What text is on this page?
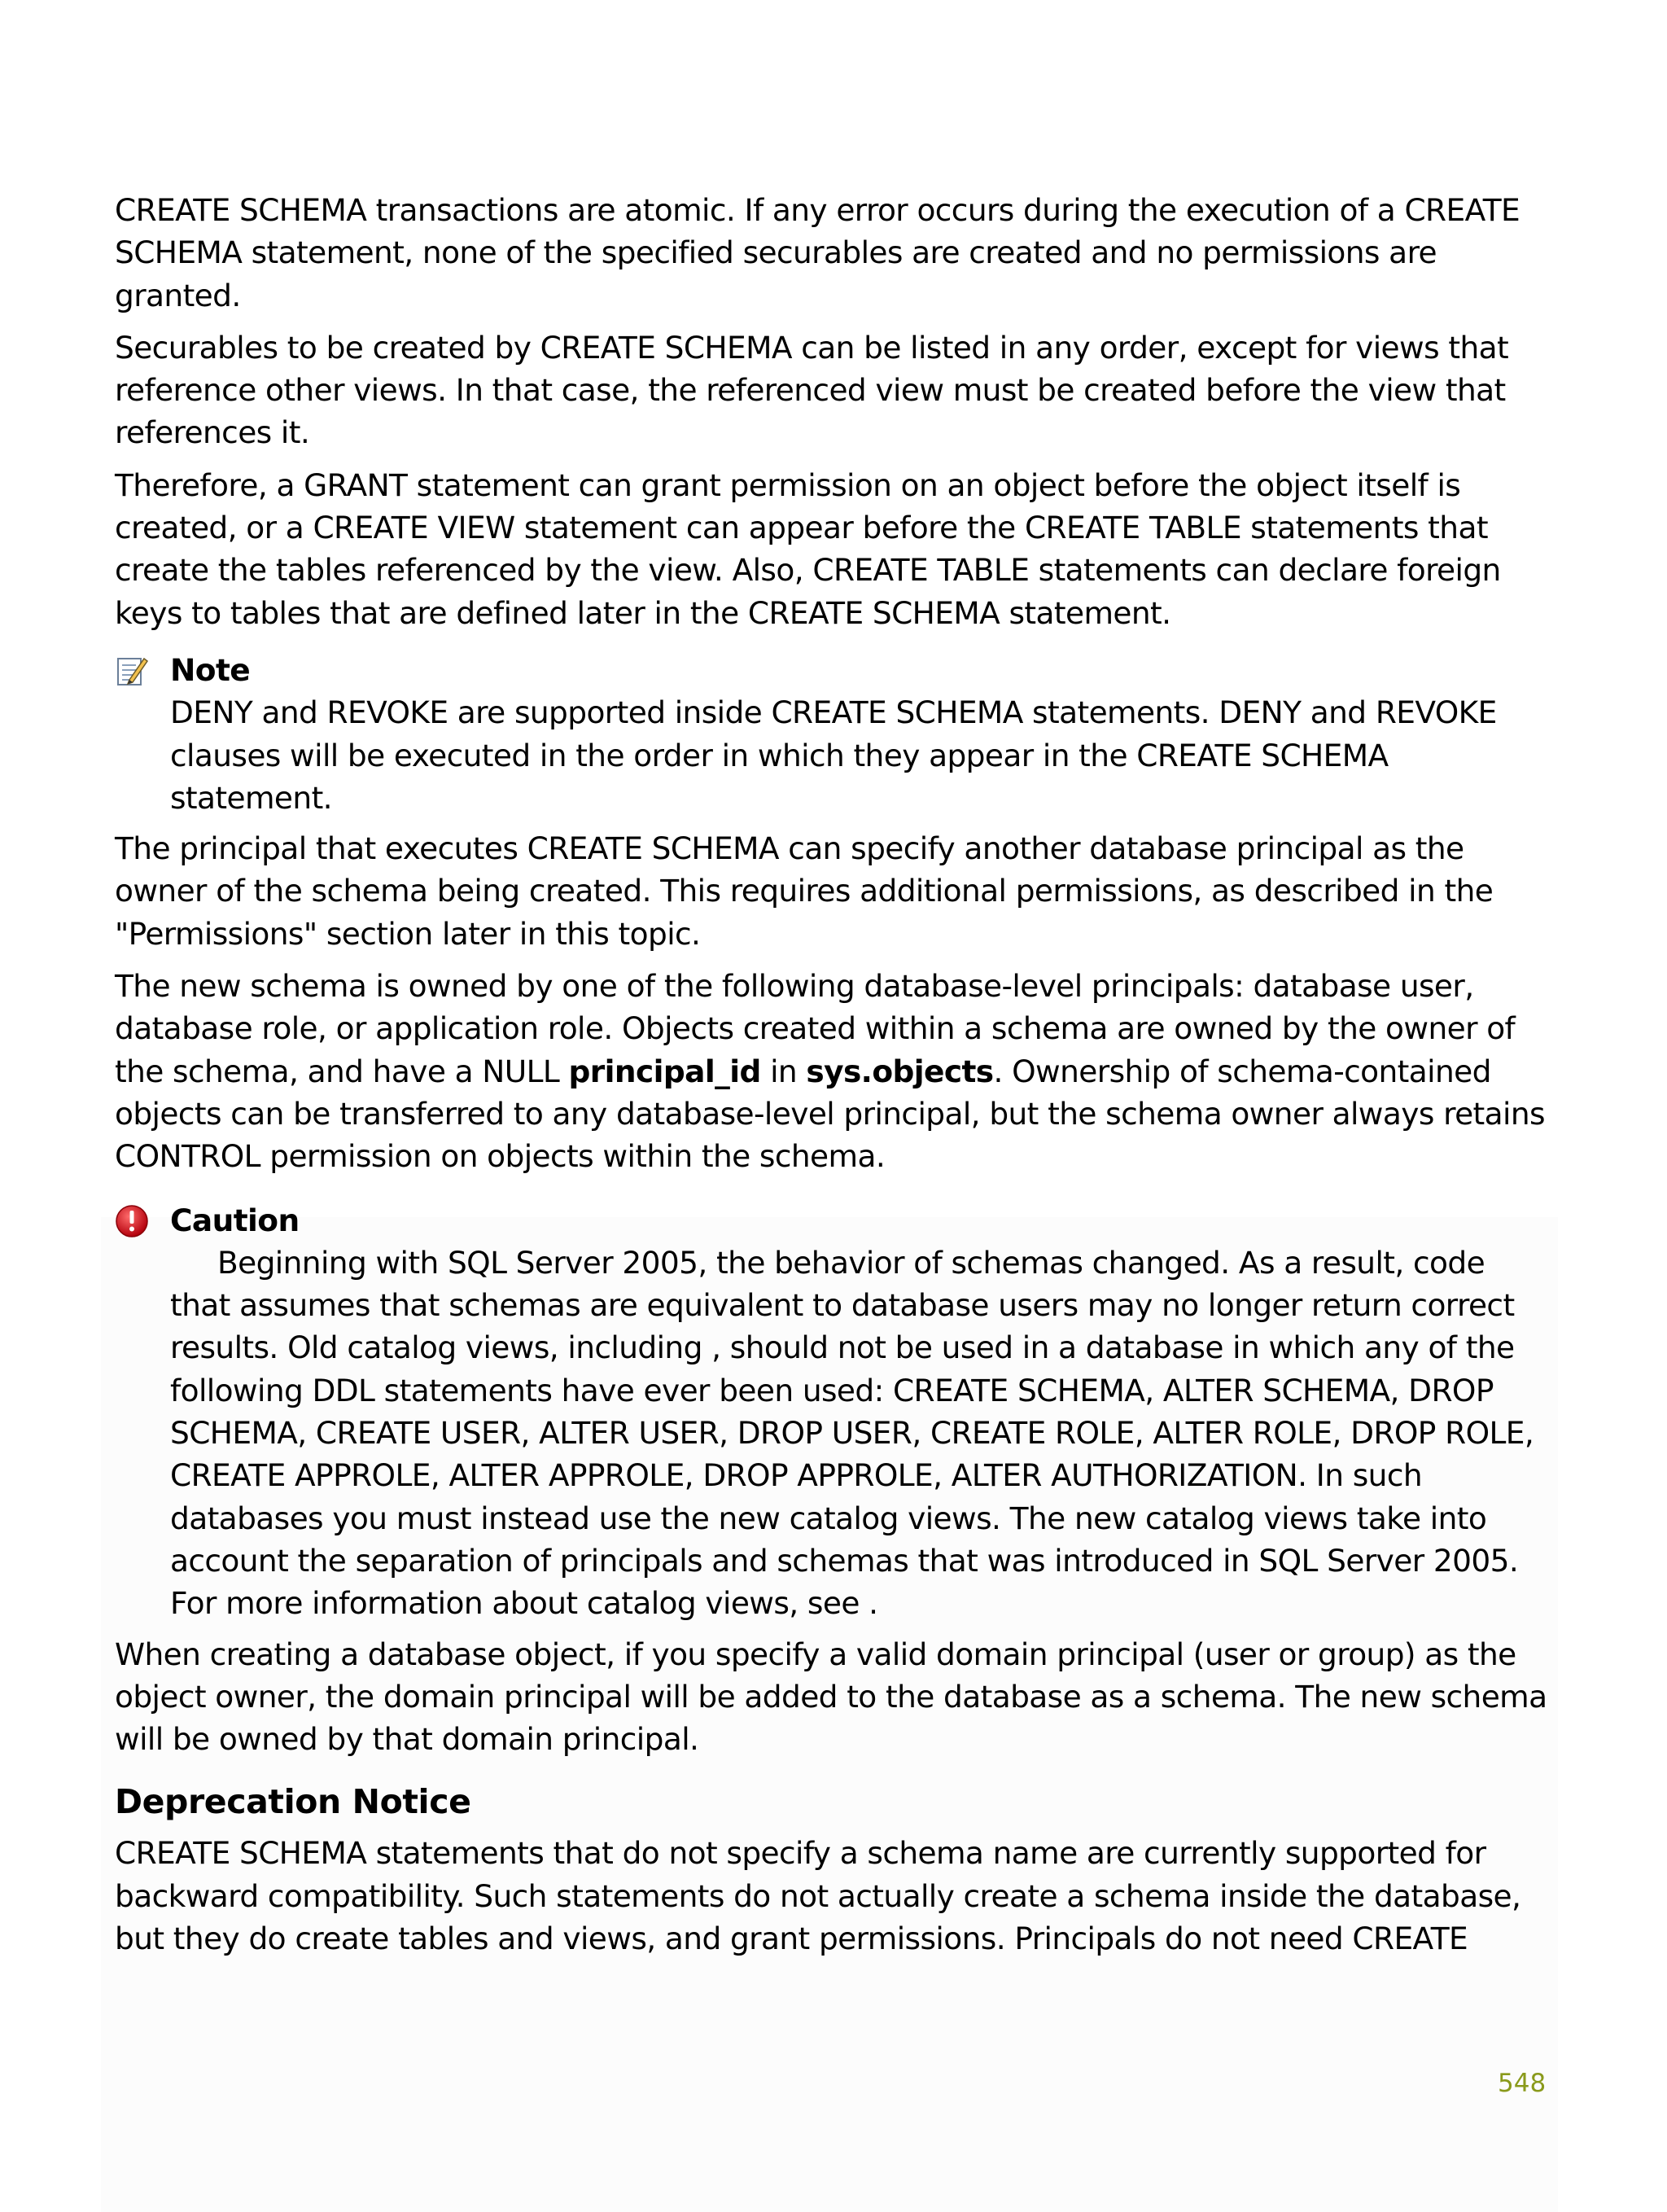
CREATE SCHEMA transactions are atomic. If any error occurs during the execution of a CREATE SCHEMA statement, none of the specified securables are created and no permissions are granted.

Securables to be created by CREATE SCHEMA can be listed in any order, except for views that reference other views. In that case, the referenced view must be created before the view that references it.

Therefore, a GRANT statement can grant permission on an object before the object itself is created, or a CREATE VIEW statement can appear before the CREATE TABLE statements that create the tables referenced by the view. Also, CREATE TABLE statements can declare foreign keys to tables that are defined later in the CREATE SCHEMA statement.

Note
DENY and REVOKE are supported inside CREATE SCHEMA statements. DENY and REVOKE clauses will be executed in the order in which they appear in the CREATE SCHEMA statement.

The principal that executes CREATE SCHEMA can specify another database principal as the owner of the schema being created. This requires additional permissions, as described in the "Permissions" section later in this topic.

The new schema is owned by one of the following database-level principals: database user, database role, or application role. Objects created within a schema are owned by the owner of the schema, and have a NULL principal_id in sys.objects. Ownership of schema-contained objects can be transferred to any database-level principal, but the schema owner always retains CONTROL permission on objects within the schema.

Caution
Beginning with SQL Server 2005, the behavior of schemas changed. As a result, code that assumes that schemas are equivalent to database users may no longer return correct results. Old catalog views, including , should not be used in a database in which any of the following DDL statements have ever been used: CREATE SCHEMA, ALTER SCHEMA, DROP SCHEMA, CREATE USER, ALTER USER, DROP USER, CREATE ROLE, ALTER ROLE, DROP ROLE, CREATE APPROLE, ALTER APPROLE, DROP APPROLE, ALTER AUTHORIZATION. In such databases you must instead use the new catalog views. The new catalog views take into account the separation of principals and schemas that was introduced in SQL Server 2005. For more information about catalog views, see .

When creating a database object, if you specify a valid domain principal (user or group) as the object owner, the domain principal will be added to the database as a schema. The new schema will be owned by that domain principal.

Deprecation Notice

CREATE SCHEMA statements that do not specify a schema name are currently supported for backward compatibility. Such statements do not actually create a schema inside the database, but they do create tables and views, and grant permissions. Principals do not need CREATE

548
